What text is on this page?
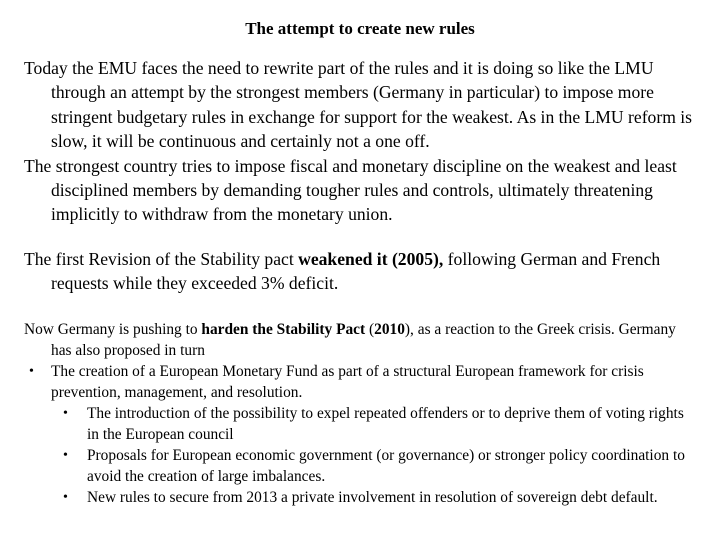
The attempt to create new rules

Today the EMU faces the need to rewrite part of the rules and it is doing so like the LMU through an attempt by the strongest members (Germany in particular) to impose more stringent budgetary rules in exchange for support for the weakest. As in the LMU reform is slow, it will be continuous and certainly not a one off.

The strongest country tries to impose fiscal and monetary discipline on the weakest and least disciplined members by demanding tougher rules and controls, ultimately threatening implicitly to withdraw from the monetary union.

The first Revision of the Stability pact weakened it (2005), following German and French requests while they exceeded 3% deficit.

Now Germany is pushing to harden the Stability Pact (2010), as a reaction to the Greek crisis. Germany has also proposed in turn

• The creation of a European Monetary Fund as part of a structural European framework for crisis prevention, management, and resolution.
• The introduction of the possibility to expel repeated offenders or to deprive them of voting rights in the European council
• Proposals for European economic government (or governance) or stronger policy coordination to avoid the creation of large imbalances.
• New rules to secure from 2013 a private involvement in resolution of sovereign debt default.
